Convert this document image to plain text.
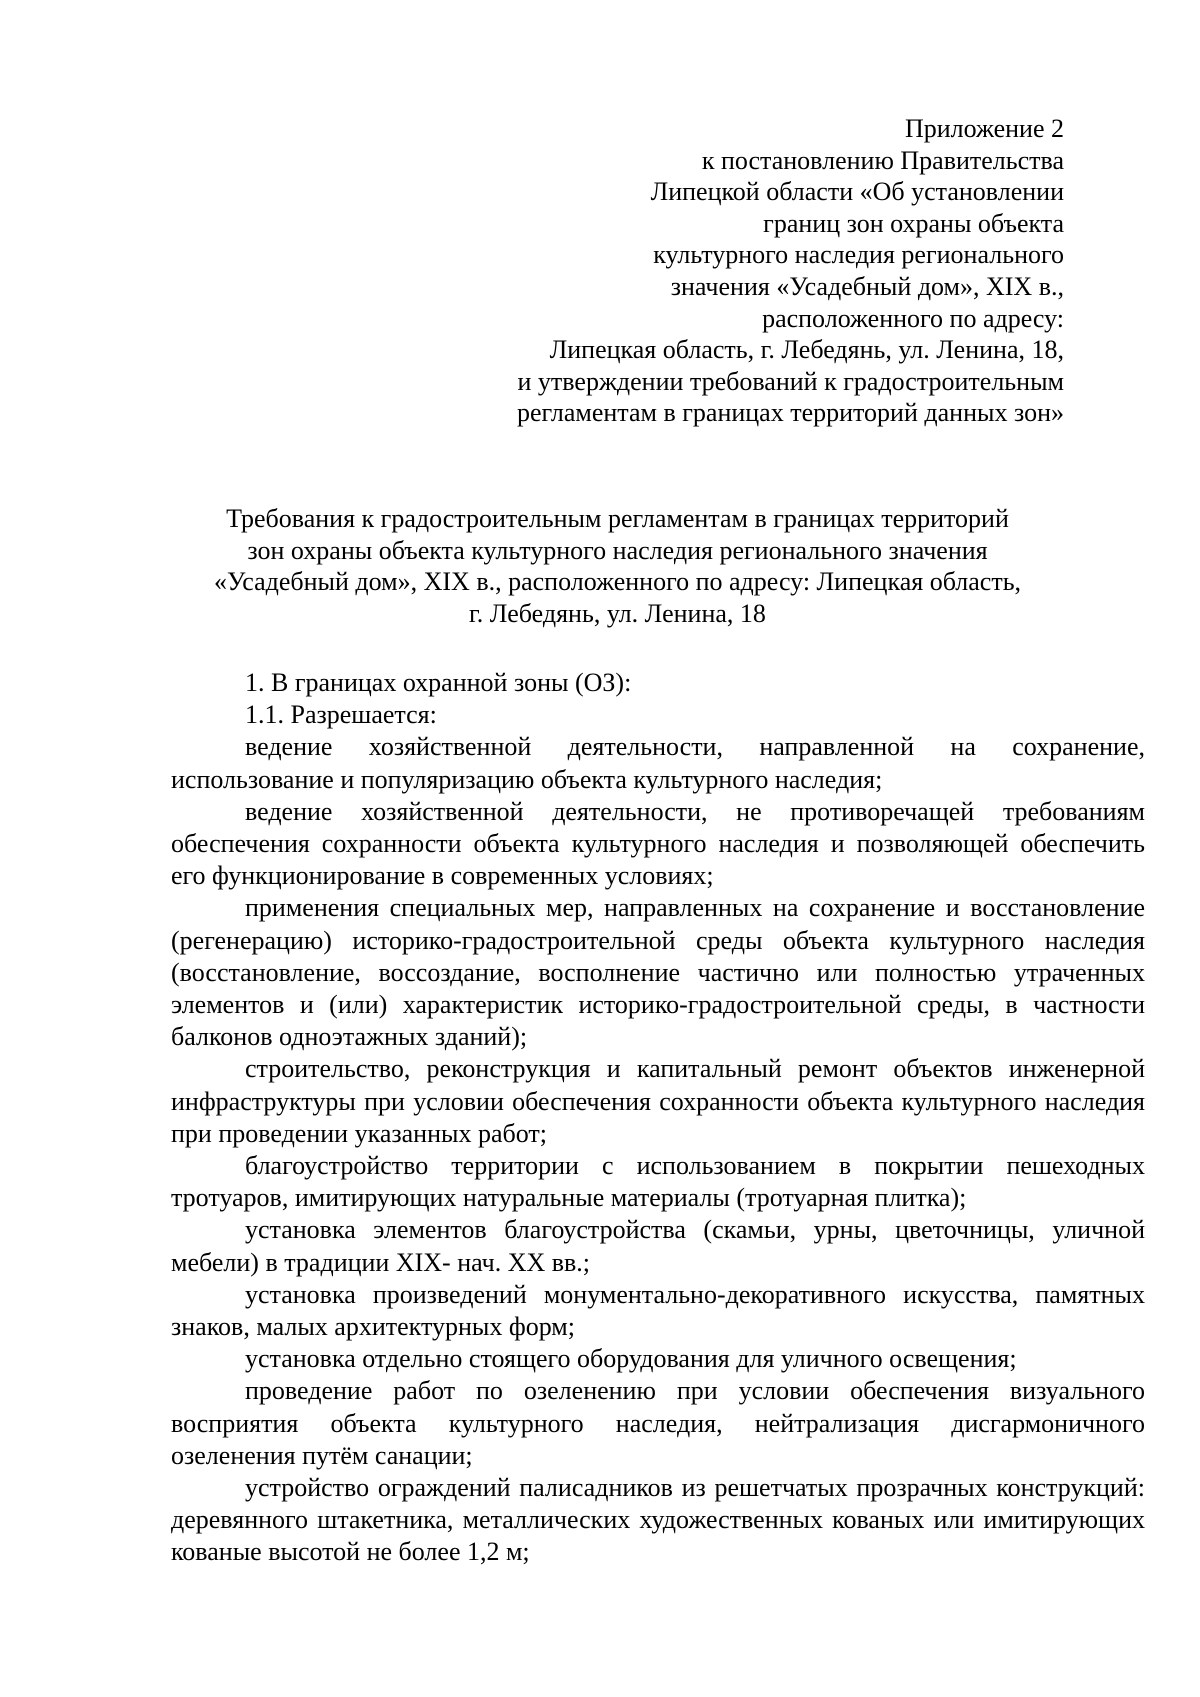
Приложение 2
к постановлению Правительства
Липецкой области «Об установлении
границ зон охраны объекта
культурного наследия регионального
значения «Усадебный дом», XIX в.,
расположенного по адресу:
Липецкая область, г. Лебедянь, ул. Ленина, 18,
и утверждении требований к градостроительным
регламентам в границах территорий данных зон»
Требования к градостроительным регламентам в границах территорий
зон охраны объекта культурного наследия регионального значения
«Усадебный дом», XIX в., расположенного по адресу: Липецкая область,
г. Лебедянь, ул. Ленина, 18

1. В границах охранной зоны (ОЗ):

1.1. Разрешается:

ведение хозяйственной деятельности, направленной на сохранение, использование и популяризацию объекта культурного наследия;

ведение хозяйственной деятельности, не противоречащей требованиям обеспечения сохранности объекта культурного наследия и позволяющей обеспечить его функционирование в современных условиях;

применения специальных мер, направленных на сохранение и восстановление (регенерацию) историко-градостроительной среды объекта культурного наследия (восстановление, воссоздание, восполнение частично или полностью утраченных элементов и (или) характеристик историко-градостроительной среды, в частности балконов одноэтажных зданий);

строительство, реконструкция и капитальный ремонт объектов инженерной инфраструктуры при условии обеспечения сохранности объекта культурного наследия при проведении указанных работ;

благоустройство территории с использованием в покрытии пешеходных тротуаров, имитирующих натуральные материалы (тротуарная плитка);

установка элементов благоустройства (скамьи, урны, цветочницы, уличной мебели) в традиции XIX- нач. XX вв.;

установка произведений монументально-декоративного искусства, памятных знаков, малых архитектурных форм;

установка отдельно стоящего оборудования для уличного освещения;

проведение работ по озеленению при условии обеспечения визуального восприятия объекта культурного наследия, нейтрализация дисгармоничного озеленения путём санации;

устройство ограждений палисадников из решетчатых прозрачных конструкций: деревянного штакетника, металлических художественных кованых или имитирующих кованые высотой не более 1,2 м;
